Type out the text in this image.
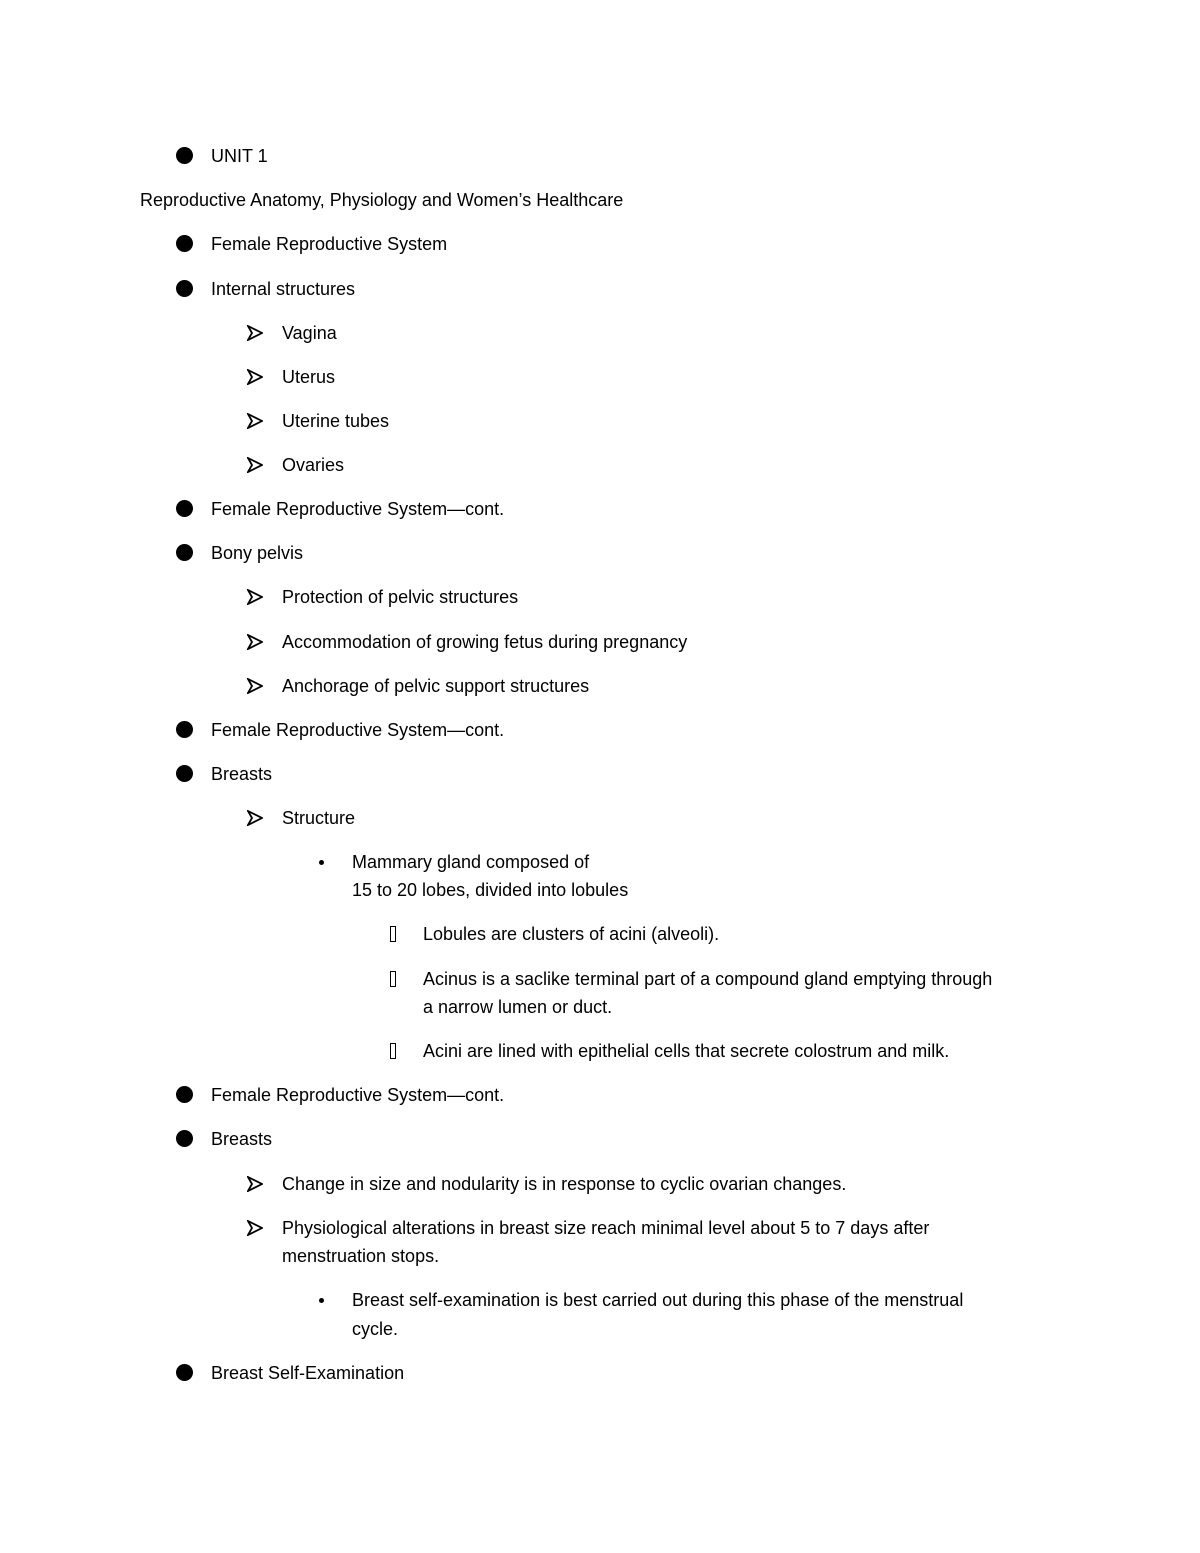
UNIT 1
Reproductive Anatomy, Physiology and Women’s Healthcare
Female Reproductive System
Internal structures
Vagina
Uterus
Uterine tubes
Ovaries
Female Reproductive System—cont.
Bony pelvis
Protection of pelvic structures
Accommodation of growing fetus during pregnancy
Anchorage of pelvic support structures
Female Reproductive System—cont.
Breasts
Structure
Mammary gland composed of
15 to 20 lobes, divided into lobules
Lobules are clusters of acini (alveoli).
Acinus is a saclike terminal part of a compound gland emptying through
a narrow lumen or duct.
Acini are lined with epithelial cells that secrete colostrum and milk.
Female Reproductive System—cont.
Breasts
Change in size and nodularity is in response to cyclic ovarian changes.
Physiological alterations in breast size reach minimal level about 5 to 7 days after
menstruation stops.
Breast self-examination is best carried out during this phase of the menstrual
cycle.
Breast Self-Examination
